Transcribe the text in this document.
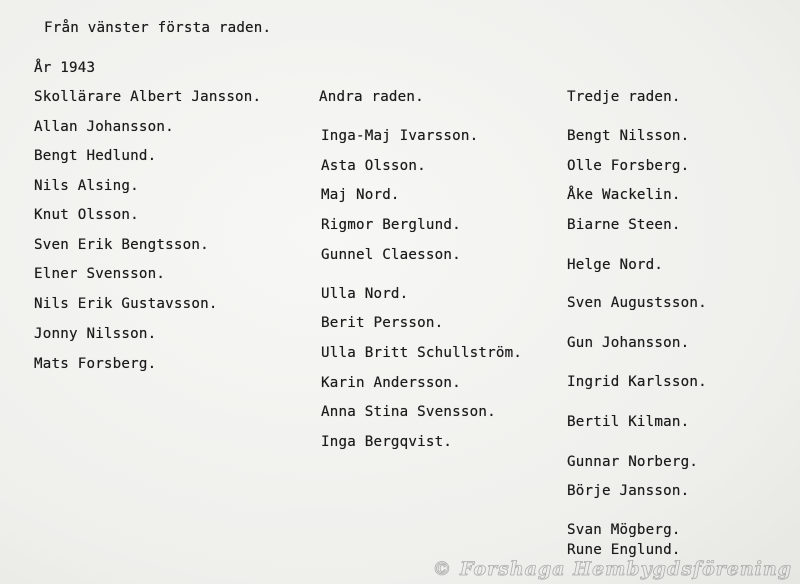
Från vänster första raden.
År 1943
Skollärare Albert Jansson.
Allan Johansson.
Bengt Hedlund.
Nils Alsing.
Knut Olsson.
Sven Erik Bengtsson.
Elner Svensson.
Nils Erik Gustavsson.
Jonny Nilsson.
Mats Forsberg.
Andra raden.
Inga-Maj Ivarsson.
Asta Olsson.
Maj Nord.
Rigmor Berglund.
Gunnel Claesson.
Ulla Nord.
Berit Persson.
Ulla Britt Schullström.
Karin Andersson.
Anna Stina Svensson.
Inga Bergqvist.
Tredje raden.
Bengt Nilsson.
Olle Forsberg.
Åke Wackelin.
Biarne Steen.
Helge Nord.
Sven Augustsson.
Gun Johansson.
Ingrid Karlsson.
Bertil Kilman.
Gunnar Norberg.
Börje Jansson.
Svan Mögberg.
Rune Englund.
© Forshaga Hembygdsförening
